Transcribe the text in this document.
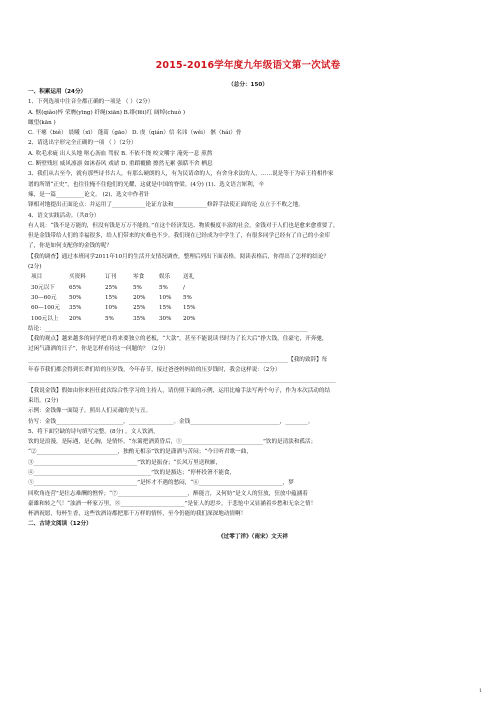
2015-2016学年度九年级语文第一次试卷
（总分：150）
一、积累运用（24分）
1、下列选项中注音全都正确的一项是 （ ）（2分）
A. 惬(qiǎo)悴 荣膺(yīng) 纤绳(xiān) B.绯(fēi)红 阔绰(chuò )
瞰望(kān )
C. 干瘪（biě） 晨曦（xī） 蓬蒿（gāo） D. 虔（qián）信 名讳（wěi） 骸（hái）骨
2、请选出字形完全正确的一项 （ ）（2分）
A. 吹毛求疵 出人头地 呕心沥血 驾驭 B. 不依不饶 咬文嚼字 淹死一息 煎熬
C. 断壁残垣 威风凛凛 如沐春风 戏谑 D. 重蹈覆辙 擦然无累 强聒不舍 栖息
3、我们从古至今，就有那些诗书古人，有那么硬朗的人，有为民请命的人，有舍身求法的人，……说是等于为帝王将相作家
谱的所谓“正史”，也往往掩不住他们的光耀，这就是中国的脊梁。(4分) (1)、选文语言犀利，辛
辣，是一篇__________论文。 (2)、选文中作者针
锋相对地提出正面论点：并运用了____________论证方法和____________修辞手法使正面的论 点立于不败之地。
4、语文实践活动。（共8分）
有人说：“钱不是万能的，但没有钱是万万不能的。”在这个经济发达、物质极度丰富的社会，金钱对于人们也是愈来愈重要了，
但是金钱带给人们的幸福很多，给人们带来的灾难也不少。我们现在已经成为中学生了，有很多同学已经有了自己的小金库
了，你是如何支配你的金钱的呢？
【我的调查】通过本班同学2011年10月的生活开支情况调查，整理后列出下面表格。阅读表格后，你得出了怎样的结论？
(2分)
项目	买资料	订刊	零食	娱乐	送礼
30元以下	65%	25%	5%	5%	/
30—60元	50%	15%	20%	10%	5%
60—100元	35%	10%	25%	15%	15%
100元以上	20%	5%	35%	30%	20%
结论：______________________________________________________________________________________________
【我的观点】越来越多的同学把自将来要独立的老板，“大款”，甚至不能说读书时为了长大后“挣大钱，住豪宅，开奔驰，
过闲气潇洒的日子”，你是怎样看待这一问题的？（2分）
_____________________________________________________________________________________________【我的致辞】每
年春节我们都会得到长辈们给的压岁钱，今年春节，接过爸爸妈妈给的压岁钱时，我会这样说：（2分）
______________________________________________________________________________________________________________
【我说金钱】假如由你来担任此次综合性学习的主持人，请仿照下面的示例，运用比喻手法写两个句子，作为本次活动的结
束语。(2分)
示例：金钱像一面镜子，照出人们灵魂的美与丑。
仿写：金钱________________________，________________。金钱________________________________，________。
5、将下面空缺的诗句填写完整。(8分) 。文人饮酒，
饮的是浪漫，是际遇，是心胸，是情怀。“东篱把酒黄昏后，①_____________________________”饮的是清淡和孤活；
“②_____________________________，独酌无相亲”饮的是潇洒与苦闷；“今日听君歌一曲，
③_____________________________________”饮的是振奋；“长风万里送秋雁，
④__________________________________________”饮的是豁达；“停杯投箸不能食，
⑤_____________________________________”是怀才不遇的愁闷，“⑥______________________________，梦
回吹角连营”是壮志难酬的憔悴；“⑦_________________________，醉能言，又何妨”是文人的狂放，狂放中蕴涵着
豪雄和转之气！“浊酒一杯家万里，⑧_______________________”是征人的思乡，于悲怆中又显涵着乡愁和无奈之情！
杯酒祝愿，每杯生香，这些饮酒诗都把那千万样的情怀，至今仍能的我们深深地动情啊！
二、古诗文阅读（12分）
《过零丁洋》（南宋）文天祥
1
